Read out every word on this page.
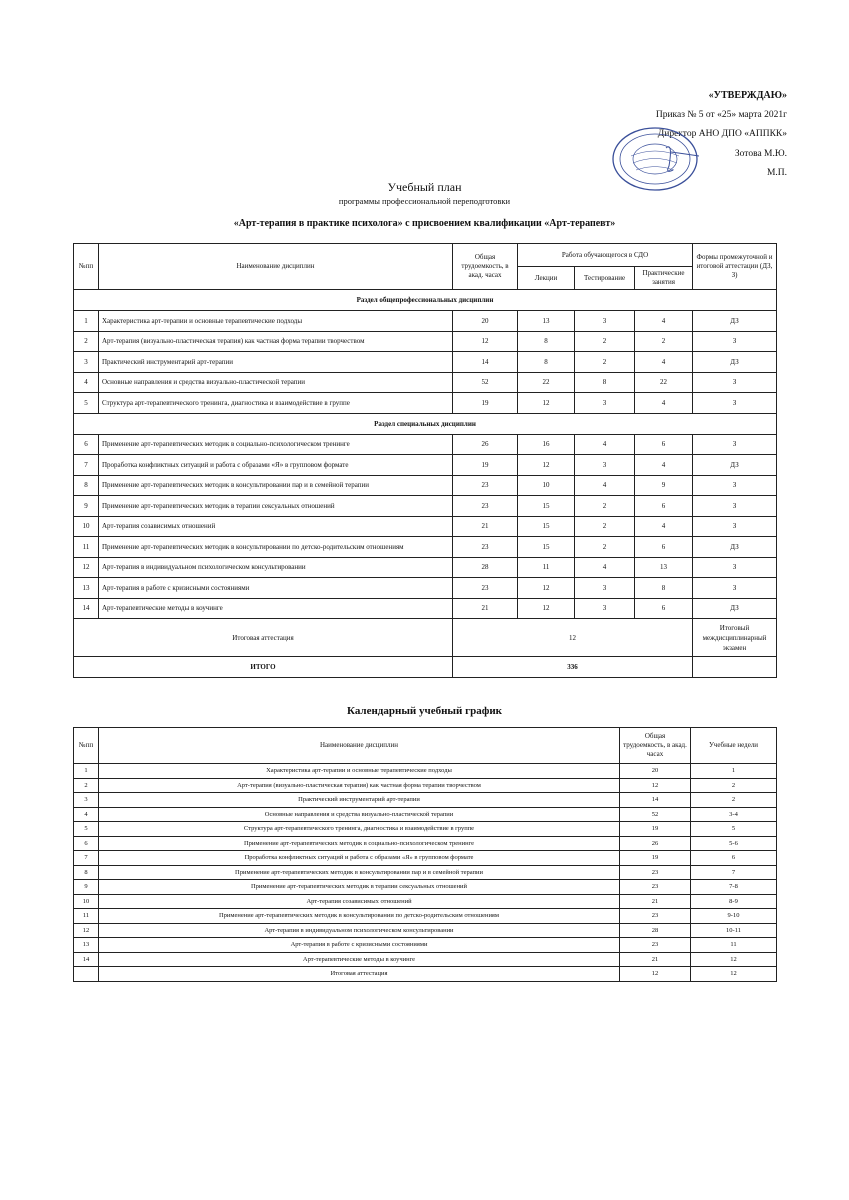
«УТВЕРЖДАЮ»
Приказ № 5 от «25» марта 2021г
Директор АНО ДПО «АППКК»
Зотова М.Ю.
М.П.
Учебный план
программы профессиональной переподготовки
«Арт-терапия в практике психолога» с присвоением квалификации «Арт-терапевт»
№пп	Наименование дисциплин	Общая трудоемкость, в акад. часах	Работа обучающегося в СДО			Формы промежуточной и итоговой аттестации (ДЗ, З)
			Лекции	Тестирование	Практические занятия	
Раздел общепрофессиональных дисциплин						
1	Характеристика арт-терапии и основные терапевтические подходы	20	13	3	4	ДЗ
2	Арт-терапия (визуально-пластическая терапия) как частная форма терапии творчеством	12	8	2	2	З
3	Практический инструментарий арт-терапии	14	8	2	4	ДЗ
4	Основные направления и средства визуально-пластической терапии	52	22	8	22	З
5	Структура арт-терапевтического тренинга, диагностика и взаимодействие в группе	19	12	3	4	З
Раздел специальных дисциплин						
6	Применение арт-терапевтических методик в социально-психологическом тренинге	26	16	4	6	З
7	Проработка конфликтных ситуаций и работа с образами «Я» в групповом формате	19	12	3	4	ДЗ
8	Применение арт-терапевтических методик в консультировании пар и в семейной терапии	23	10	4	9	З
9	Применение арт-терапевтических методик в терапии сексуальных отношений	23	15	2	6	З
10	Арт-терапия созависимых отношений	21	15	2	4	З
11	Применение арт-терапевтических методик в консультировании по детско-родительским отношениям	23	15	2	6	ДЗ
12	Арт-терапия в индивидуальном психологическом консультировании	28	11	4	13	З
13	Арт-терапия в работе с кризисными состояниями	23	12	3	8	З
14	Арт-терапевтические методы в коучинге	21	12	3	6	ДЗ
Итоговая аттестация		12				Итоговый междисциплинарный экзамен
ИТОГО		336				
Календарный учебный график
№пп	Наименование дисциплин	Общая трудоемкость, в акад. часах	Учебные недели
1	Характеристика арт-терапии и основные терапевтические подходы	20	1
2	Арт-терапия (визуально-пластическая терапия) как частная форма терапии творчеством	12	2
3	Практический инструментарий арт-терапии	14	2
4	Основные направления и средства визуально-пластической терапии	52	3-4
5	Структура арт-терапевтического тренинга, диагностика и взаимодействие в группе	19	5
6	Применение арт-терапевтических методик в социально-психологическом тренинге	26	5-6
7	Проработка конфликтных ситуаций и работа с образами «Я» в групповом формате	19	6
8	Применение арт-терапевтических методик в консультировании пар и в семейной терапии	23	7
9	Применение арт-терапевтических методик в терапии сексуальных отношений	23	7-8
10	Арт-терапия созависимых отношений	21	8-9
11	Применение арт-терапевтических методик в консультировании по детско-родительским отношениям	23	9-10
12	Арт-терапия в индивидуальном психологическом консультировании	28	10-11
13	Арт-терапия в работе с кризисными состояниями	23	11
14	Арт-терапевтические методы в коучинге	21	12
	Итоговая аттестация	12	12
